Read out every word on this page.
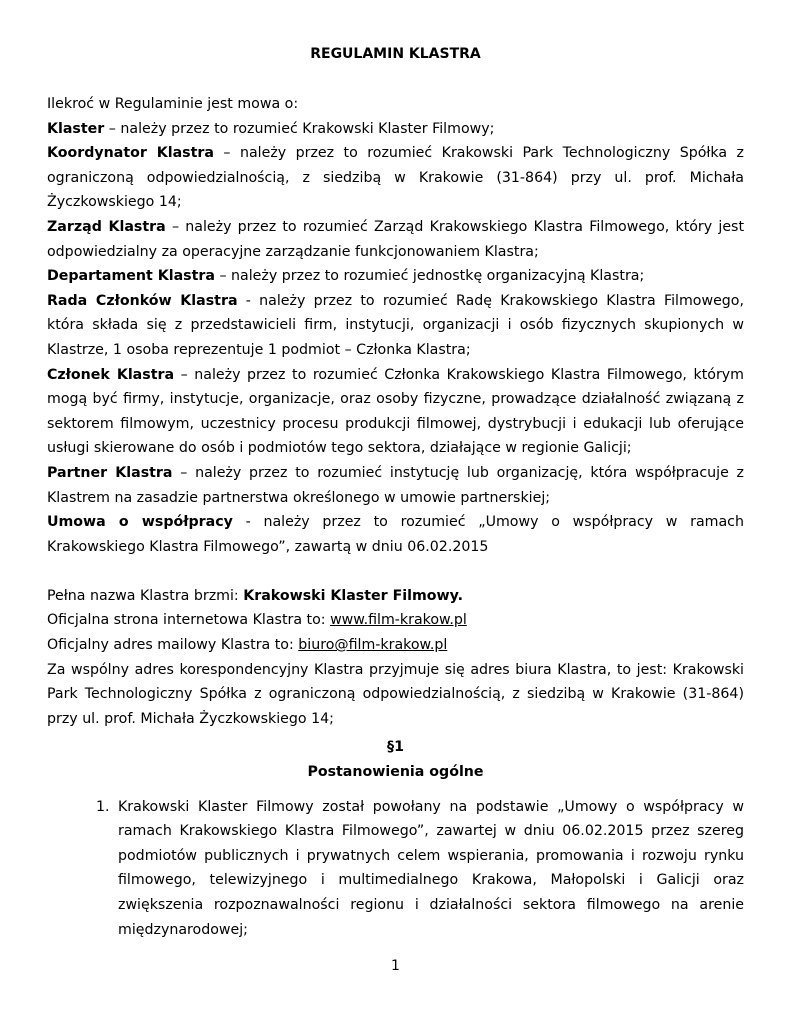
REGULAMIN KLASTRA

Ilekroć w Regulaminie jest mowa o:

Klaster – należy przez to rozumieć Krakowski Klaster Filmowy;

Koordynator Klastra – należy przez to rozumieć Krakowski Park Technologiczny Spółka z ograniczoną odpowiedzialnością, z siedzibą w Krakowie (31-864) przy ul. prof. Michała Życzkowskiego 14;

Zarząd Klastra – należy przez to rozumieć Zarząd Krakowskiego Klastra Filmowego, który jest odpowiedzialny za operacyjne zarządzanie funkcjonowaniem Klastra;

Departament Klastra – należy przez to rozumieć jednostkę organizacyjną Klastra;

Rada Członków Klastra - należy przez to rozumieć Radę Krakowskiego Klastra Filmowego, która składa się z przedstawicieli firm, instytucji, organizacji i osób fizycznych skupionych w Klastrze, 1 osoba reprezentuje 1 podmiot – Członka Klastra;

Członek Klastra – należy przez to rozumieć Członka Krakowskiego Klastra Filmowego, którym mogą być firmy, instytucje, organizacje, oraz osoby fizyczne, prowadzące działalność związaną z sektorem filmowym, uczestnicy procesu produkcji filmowej, dystrybucji i edukacji lub oferujące usługi skierowane do osób i podmiotów tego sektora, działające w regionie Galicji;

Partner Klastra – należy przez to rozumieć instytucję lub organizację, która współpracuje z Klastrem na zasadzie partnerstwa określonego w umowie partnerskiej;

Umowa o współpracy - należy przez to rozumieć „Umowy o współpracy w ramach Krakowskiego Klastra Filmowego”, zawartą w dniu 06.02.2015

Pełna nazwa Klastra brzmi: Krakowski Klaster Filmowy.

Oficjalna strona internetowa Klastra to: www.film-krakow.pl

Oficjalny adres mailowy Klastra to: biuro@film-krakow.pl

Za wspólny adres korespondencyjny Klastra przyjmuje się adres biura Klastra, to jest: Krakowski Park Technologiczny Spółka z ograniczoną odpowiedzialnością, z siedzibą w Krakowie (31-864) przy ul. prof. Michała Życzkowskiego 14;

§1

Postanowienia ogólne

1. Krakowski Klaster Filmowy został powołany na podstawie „Umowy o współpracy w ramach Krakowskiego Klastra Filmowego”, zawartej w dniu 06.02.2015 przez szereg podmiotów publicznych i prywatnych celem wspierania, promowania i rozwoju rynku filmowego, telewizyjnego i multimedialnego Krakowa, Małopolski i Galicji oraz zwiększenia rozpoznawalności regionu i działalności sektora filmowego na arenie międzynarodowej;
1
